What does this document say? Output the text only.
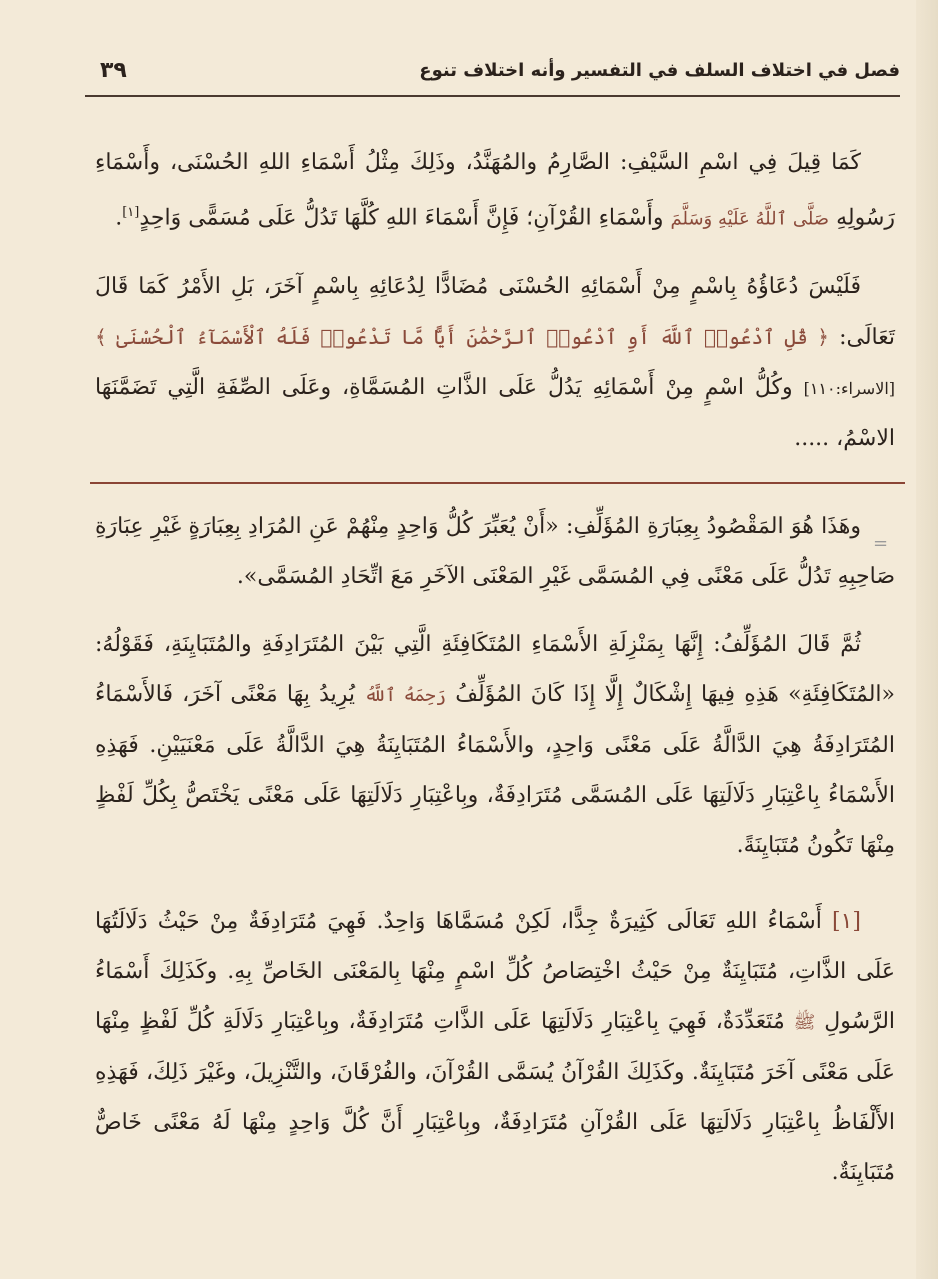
فصل في اختلاف السلف في التفسير وأنه اختلاف تنوع
٣٩
=

كَمَا قِيلَ فِي اسْمِ السَّيْفِ: الصَّارِمُ والمُهَنَّدُ، وذَلِكَ مِثْلُ أَسْمَاءِ اللهِ الحُسْنَى، وأَسْمَاءِ رَسُولِهِ صَلَّى ٱللَّهُ عَلَيْهِ وَسَلَّمَ وأَسْمَاءِ القُرْآنِ؛ فَإِنَّ أَسْمَاءَ اللهِ كُلَّهَا تَدُلُّ عَلَى مُسَمًّى وَاحِدٍ[١].

فَلَيْسَ دُعَاؤُهُ بِاسْمٍ مِنْ أَسْمَائِهِ الحُسْنَى مُضَادًّا لِدُعَائِهِ بِاسْمٍ آخَرَ، بَلِ الأَمْرُ كَمَا قَالَ تَعَالَى: ﴿ قُلِ ٱدْعُوا۟ ٱللَّهَ أَوِ ٱدْعُوا۟ ٱلرَّحْمَٰنَ أَيًّا مَّا تَدْعُوا۟ فَلَهُ ٱلْأَسْمَآءُ ٱلْحُسْنَىٰ ﴾ [الاسراء:١١٠] وكُلُّ اسْمٍ مِنْ أَسْمَائِهِ يَدُلُّ عَلَى الذَّاتِ المُسَمَّاةِ، وعَلَى الصِّفَةِ الَّتِي تَضَمَّنَهَا الاسْمُ، .....

وهَذَا هُوَ المَقْصُودُ بِعِبَارَةِ المُؤَلِّفِ: «أَنْ يُعَبِّرَ كُلُّ وَاحِدٍ مِنْهُمْ عَنِ المُرَادِ بِعِبَارَةٍ غَيْرِ عِبَارَةِ صَاحِبِهِ تَدُلُّ عَلَى مَعْنًى فِي المُسَمَّى غَيْرِ المَعْنَى الآخَرِ مَعَ اتِّحَادِ المُسَمَّى».

ثُمَّ قَالَ المُؤَلِّفُ: إِنَّهَا بِمَنْزِلَةِ الأَسْمَاءِ المُتَكَافِئَةِ الَّتِي بَيْنَ المُتَرَادِفَةِ والمُتَبَايِنَةِ، فَقَوْلُهُ: «المُتَكَافِئَةِ» هَذِهِ فِيهَا إِشْكَالٌ إِلَّا إِذَا كَانَ المُؤَلِّفُ رَحِمَهُ ٱللَّهُ يُرِيدُ بِهَا مَعْنًى آخَرَ، فَالأَسْمَاءُ المُتَرَادِفَةُ هِيَ الدَّالَّةُ عَلَى مَعْنًى وَاحِدٍ، والأَسْمَاءُ المُتَبَايِنَةُ هِيَ الدَّالَّةُ عَلَى مَعْنَيَيْنِ. فَهَذِهِ الأَسْمَاءُ بِاعْتِبَارِ دَلَالَتِهَا عَلَى المُسَمَّى مُتَرَادِفَةٌ، وبِاعْتِبَارِ دَلَالَتِهَا عَلَى مَعْنًى يَخْتَصُّ بِكُلِّ لَفْظٍ مِنْهَا تَكُونُ مُتَبَايِنَةً.

[١] أَسْمَاءُ اللهِ تَعَالَى كَثِيرَةٌ جِدًّا، لَكِنْ مُسَمَّاهَا وَاحِدٌ. فَهِيَ مُتَرَادِفَةٌ مِنْ حَيْثُ دَلَالَتُهَا عَلَى الذَّاتِ، مُتَبَايِنَةٌ مِنْ حَيْثُ اخْتِصَاصُ كُلِّ اسْمٍ مِنْهَا بِالمَعْنَى الخَاصِّ بِهِ. وكَذَلِكَ أَسْمَاءُ الرَّسُولِ ﷺ مُتَعَدِّدَةٌ، فَهِيَ بِاعْتِبَارِ دَلَالَتِهَا عَلَى الذَّاتِ مُتَرَادِفَةٌ، وبِاعْتِبَارِ دَلَالَةِ كُلِّ لَفْظٍ مِنْهَا عَلَى مَعْنًى آخَرَ مُتَبَايِنَةٌ. وكَذَلِكَ القُرْآنُ يُسَمَّى القُرْآنَ، والفُرْقَانَ، والتَّنْزِيلَ، وغَيْرَ ذَلِكَ، فَهَذِهِ الأَلْفَاظُ بِاعْتِبَارِ دَلَالَتِهَا عَلَى القُرْآنِ مُتَرَادِفَةٌ، وبِاعْتِبَارِ أَنَّ كُلَّ وَاحِدٍ مِنْهَا لَهُ مَعْنًى خَاصٌّ مُتَبَايِنَةٌ.
